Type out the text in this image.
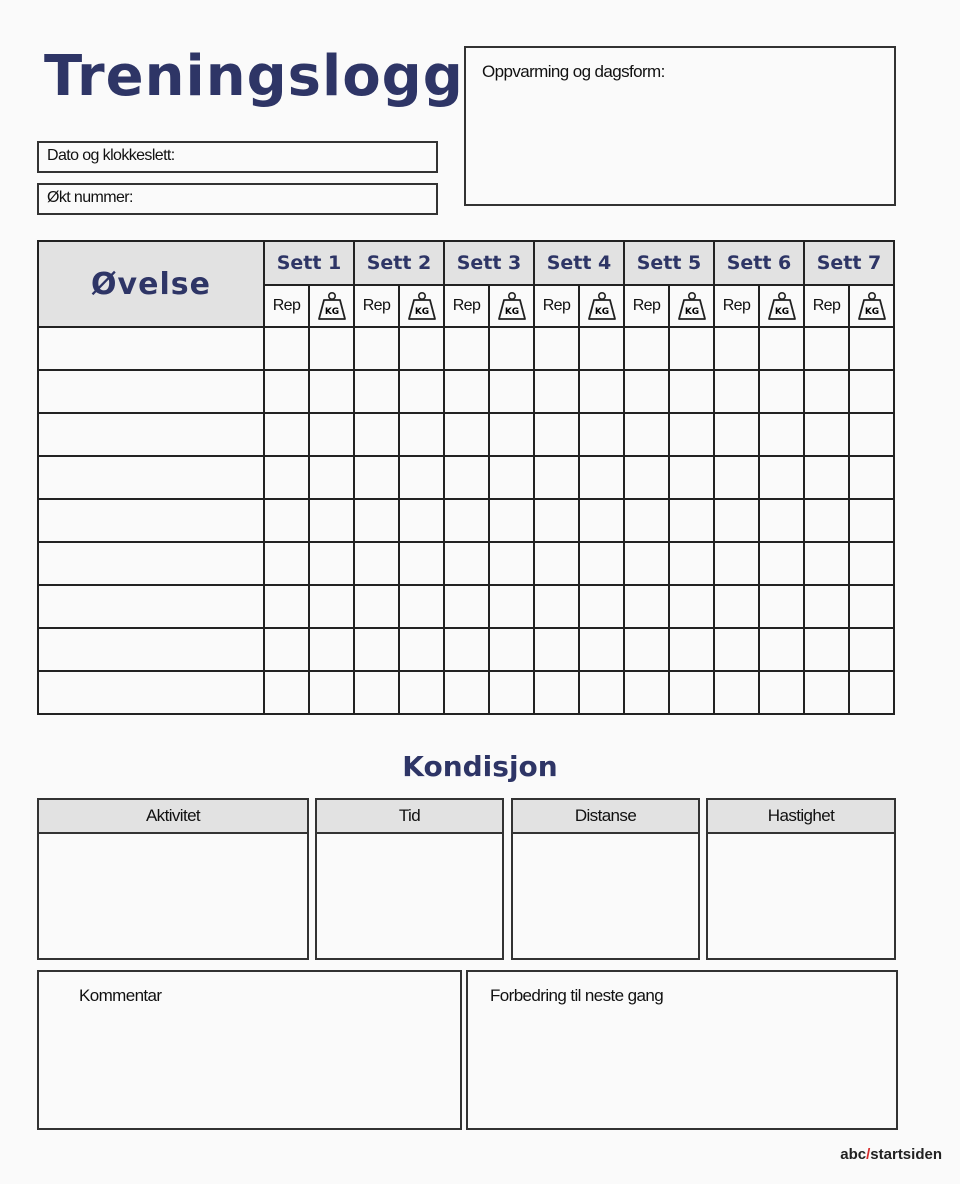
Treningslogg
Dato og klokkeslett:
Økt nummer:
Oppvarming og dagsform:
Øvelse	Sett 1		Sett 2		Sett 3		Sett 4		Sett 5		Sett 6		Sett 7	
	Rep	KG	Rep	KG	Rep	KG	Rep	KG	Rep	KG	Rep	KG	Rep	KG

Kondisjon
Aktivitet	Tid	Distanse	Hastighet
Kommentar	Forbedring til neste gang
abc/startsiden
